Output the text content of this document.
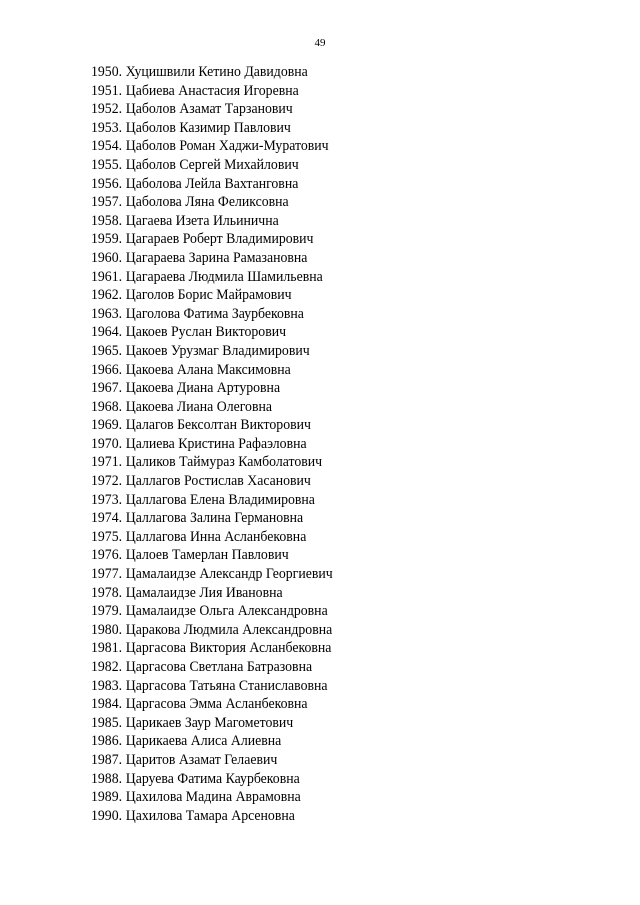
49
1950. Хуцишвили Кетино Давидовна
1951. Цабиева Анастасия Игоревна
1952. Цаболов Азамат Тарзанович
1953. Цаболов Казимир Павлович
1954. Цаболов Роман Хаджи-Муратович
1955. Цаболов Сергей Михайлович
1956. Цаболова Лейла Вахтанговна
1957. Цаболова Ляна Феликсовна
1958. Цагаева Изета Ильинична
1959. Цагараев Роберт Владимирович
1960. Цагараева Зарина Рамазановна
1961. Цагараева Людмила Шамильевна
1962. Цаголов Борис Майрамович
1963. Цаголова Фатима Заурбековна
1964. Цакоев Руслан Викторович
1965. Цакоев Урузмаг Владимирович
1966. Цакоева Алана Максимовна
1967. Цакоева Диана Артуровна
1968. Цакоева Лиана Олеговна
1969. Цалагов Бексолтан Викторович
1970. Цалиева Кристина Рафаэловна
1971. Цаликов Таймураз Камболатович
1972. Цаллагов Ростислав Хасанович
1973. Цаллагова Елена Владимировна
1974. Цаллагова Залина Германовна
1975. Цаллагова Инна Асланбековна
1976. Цалоев Тамерлан Павлович
1977. Цамалаидзе Александр Георгиевич
1978. Цамалаидзе Лия Ивановна
1979. Цамалаидзе Ольга Александровна
1980. Царакова Людмила Александровна
1981. Царгасова Виктория Асланбековна
1982. Царгасова Светлана Батразовна
1983. Царгасова Татьяна Станиславовна
1984. Царгасова Эмма Асланбековна
1985. Царикаев Заур Магометович
1986. Царикаева Алиса Алиевна
1987. Царитов Азамат Гелаевич
1988. Царуева Фатима Каурбековна
1989. Цахилова Мадина Аврамовна
1990. Цахилова Тамара Арсеновна
